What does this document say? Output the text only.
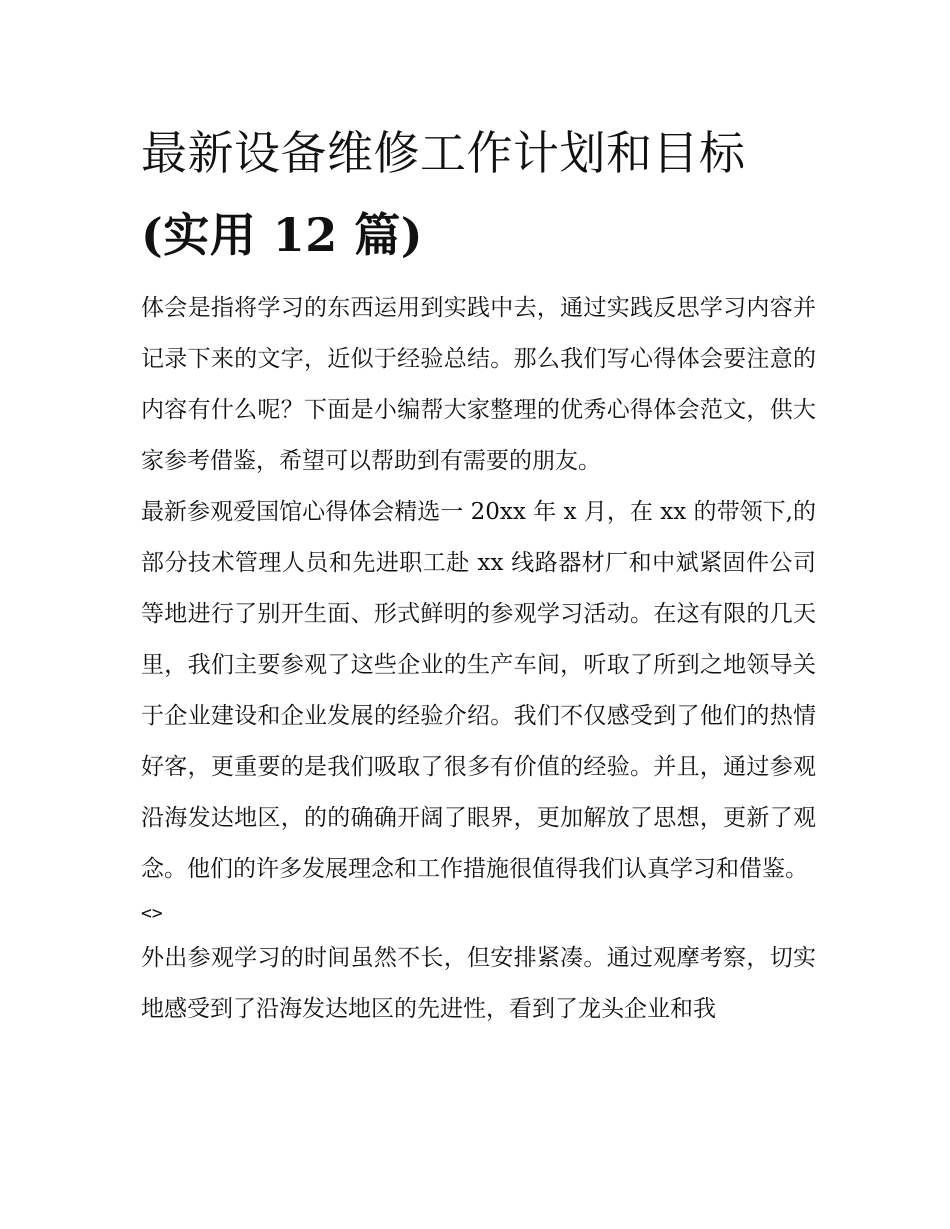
最新设备维修工作计划和目标
(实用 12 篇)

体会是指将学习的东西运用到实践中去，通过实践反思学习内容并记录下来的文字，近似于经验总结。那么我们写心得体会要注意的内容有什么呢？下面是小编帮大家整理的优秀心得体会范文，供大家参考借鉴，希望可以帮助到有需要的朋友。

最新参观爱国馆心得体会精选一 20xx 年 x 月，在 xx 的带领下,的部分技术管理人员和先进职工赴 xx 线路器材厂和中斌紧固件公司等地进行了别开生面、形式鲜明的参观学习活动。在这有限的几天里，我们主要参观了这些企业的生产车间，听取了所到之地领导关于企业建设和企业发展的经验介绍。我们不仅感受到了他们的热情好客，更重要的是我们吸取了很多有价值的经验。并且，通过参观沿海发达地区，的的确确开阔了眼界，更加解放了思想，更新了观念。他们的许多发展理念和工作措施很值得我们认真学习和借鉴。

<>

外出参观学习的时间虽然不长，但安排紧凑。通过观摩考察，切实地感受到了沿海发达地区的先进性，看到了龙头企业和我
